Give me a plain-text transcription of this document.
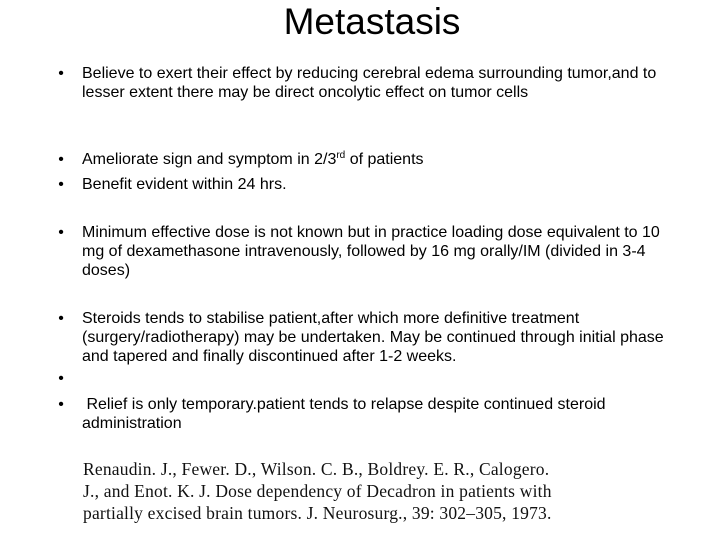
Metastasis
• Believe to exert their effect by reducing cerebral edema surrounding tumor,and to lesser extent there may be direct oncolytic effect on tumor cells
• Ameliorate sign and symptom in 2/3rd of patients
• Benefit evident within 24 hrs.
• Minimum effective dose is not known but in practice loading dose equivalent to 10 mg of dexamethasone intravenously, followed by 16 mg orally/IM (divided in 3-4 doses)
• Steroids tends to stabilise patient,after which more definitive treatment (surgery/radiotherapy) may be undertaken. May be continued through initial phase and tapered and finally discontinued after 1-2 weeks.
•
• Relief is only temporary.patient tends to relapse despite continued steroid administration
Renaudin. J., Fewer. D., Wilson. C. B., Boldrey. E. R., Calogero.
J., and Enot. K. J. Dose dependency of Decadron in patients with
partially excised brain tumors. J. Neurosurg., 39: 302–305, 1973.
